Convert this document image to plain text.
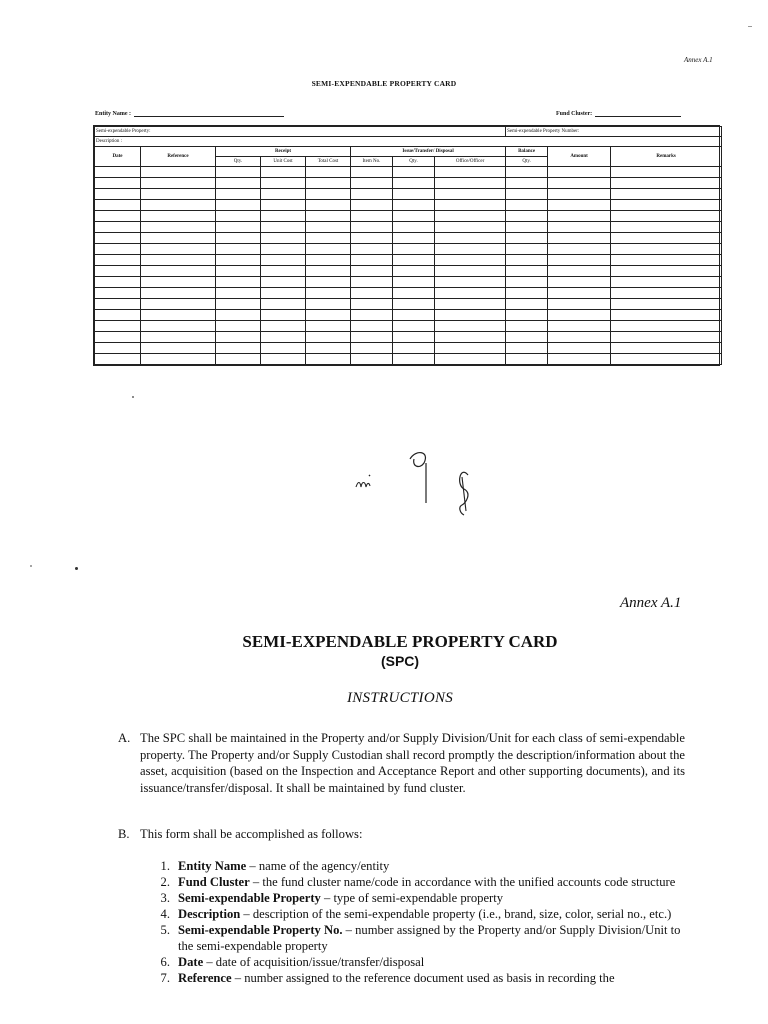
Annex A.1
SEMI-EXPENDABLE PROPERTY CARD
Entity Name :	Fund Cluster:
Semi-expendable Property:								Semi-expendable Property Number:		
Description :										
Date	Reference	Receipt			Issue/Transfer/ Disposal			Balance	Amount	Remarks
		Qty.	Unit Cost	Total Cost	Item No.	Qty.	Office/Officer	Qty.		

Annex A.1
SEMI-EXPENDABLE PROPERTY CARD
(SPC)
INSTRUCTIONS
A. The SPC shall be maintained in the Property and/or Supply Division/Unit for each class of semi-expendable property. The Property and/or Supply Custodian shall record promptly the description/information about the asset, acquisition (based on the Inspection and Acceptance Report and other supporting documents), and its issuance/transfer/disposal. It shall be maintained by fund cluster.
B. This form shall be accomplished as follows:
1. Entity Name – name of the agency/entity
2. Fund Cluster – the fund cluster name/code in accordance with the unified accounts code structure
3. Semi-expendable Property – type of semi-expendable property
4. Description – description of the semi-expendable property (i.e., brand, size, color, serial no., etc.)
5. Semi-expendable Property No. – number assigned by the Property and/or Supply Division/Unit to the semi-expendable property
6. Date – date of acquisition/issue/transfer/disposal
7. Reference – number assigned to the reference document used as basis in recording the
